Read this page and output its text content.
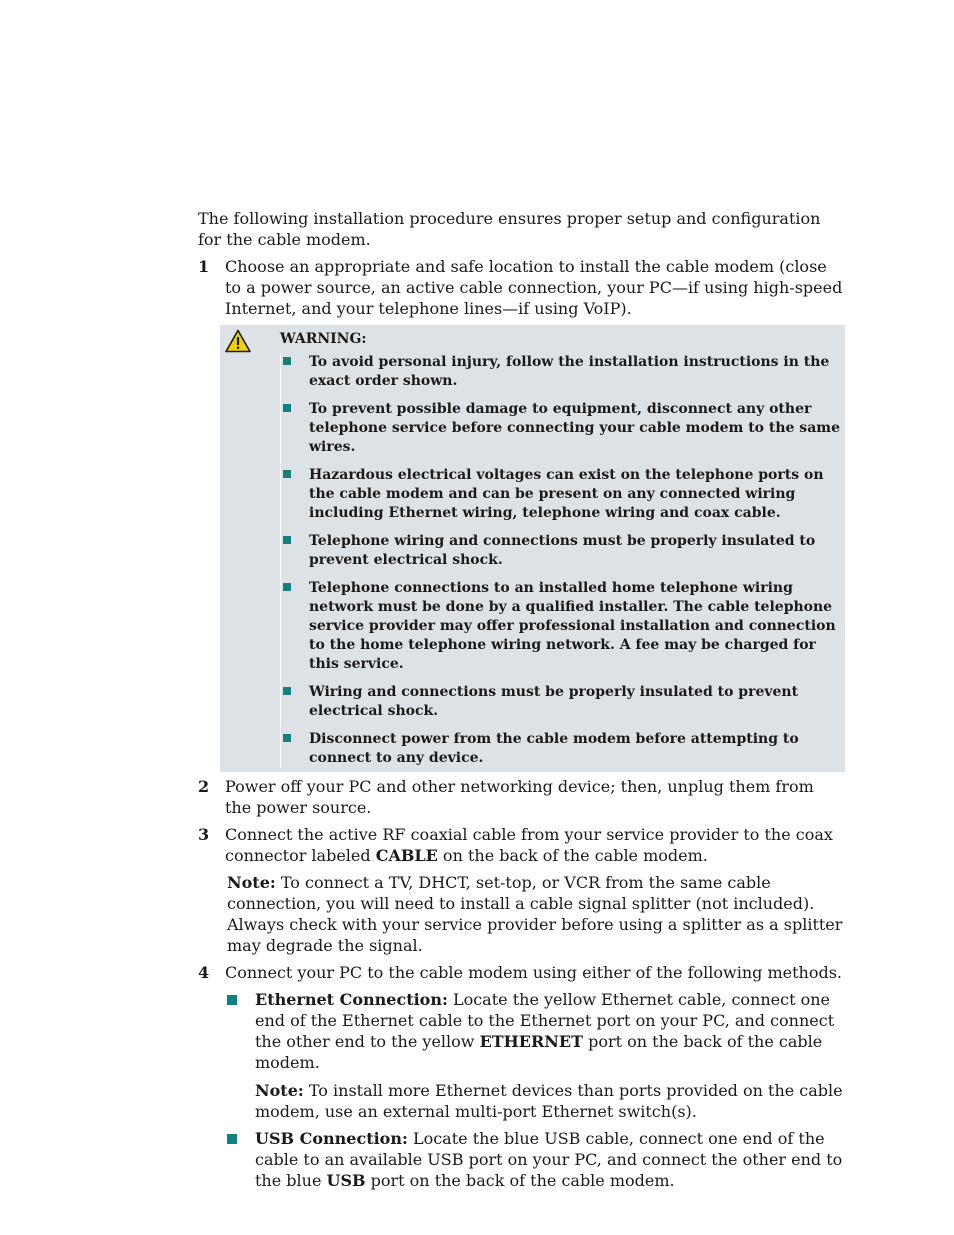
The following installation procedure ensures proper setup and configuration for the cable modem.

1 Choose an appropriate and safe location to install the cable modem (close to a power source, an active cable connection, your PC—if using high-speed Internet, and your telephone lines—if using VoIP).
WARNING:
To avoid personal injury, follow the installation instructions in the exact order shown.
To prevent possible damage to equipment, disconnect any other telephone service before connecting your cable modem to the same wires.
Hazardous electrical voltages can exist on the telephone ports on the cable modem and can be present on any connected wiring including Ethernet wiring, telephone wiring and coax cable.
Telephone wiring and connections must be properly insulated to prevent electrical shock.
Telephone connections to an installed home telephone wiring network must be done by a qualified installer. The cable telephone service provider may offer professional installation and connection to the home telephone wiring network. A fee may be charged for this service.
Wiring and connections must be properly insulated to prevent electrical shock.
Disconnect power from the cable modem before attempting to connect to any device.
2 Power off your PC and other networking device; then, unplug them from the power source.
3 Connect the active RF coaxial cable from your service provider to the coax connector labeled CABLE on the back of the cable modem.

Note: To connect a TV, DHCT, set-top, or VCR from the same cable connection, you will need to install a cable signal splitter (not included). Always check with your service provider before using a splitter as a splitter may degrade the signal.

4 Connect your PC to the cable modem using either of the following methods.

Ethernet Connection: Locate the yellow Ethernet cable, connect one end of the Ethernet cable to the Ethernet port on your PC, and connect the other end to the yellow ETHERNET port on the back of the cable modem.

Note: To install more Ethernet devices than ports provided on the cable modem, use an external multi-port Ethernet switch(s).

USB Connection: Locate the blue USB cable, connect one end of the cable to an available USB port on your PC, and connect the other end to the blue USB port on the back of the cable modem.
